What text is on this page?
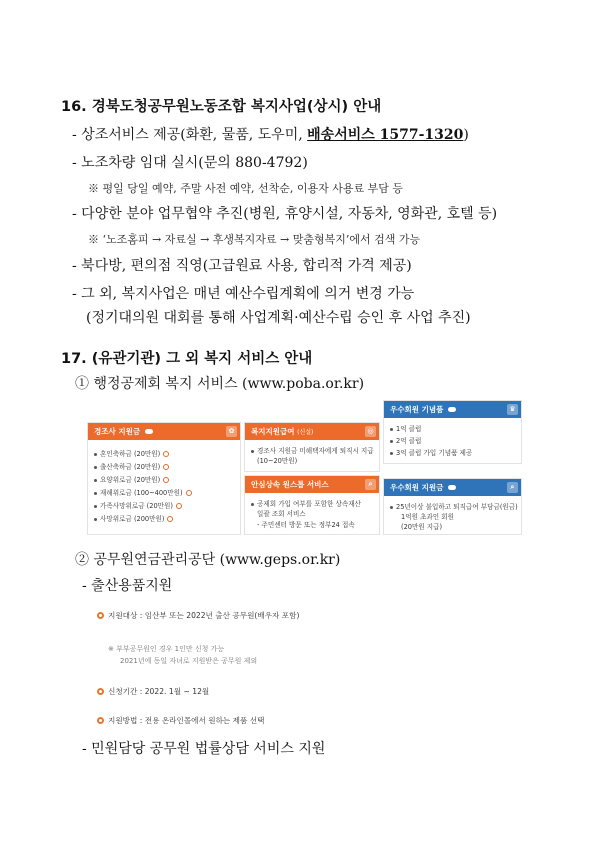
16. 경북도청공무원노동조합 복지사업(상시) 안내
- 상조서비스 제공(화환, 물품, 도우미, 배송서비스 1577-1320)
- 노조차량 임대 실시(문의 880-4792)
※ 평일 당일 예약, 주말 사전 예약, 선착순, 이용자 사용료 부담 등
- 다양한 분야 업무협약 추진(병원, 휴양시설, 자동차, 영화관, 호텔 등)
※ ‘노조홈피 → 자료실 → 후생복지자료 → 맞춤형복지’에서 검색 가능
- 북다방, 편의점 직영(고급원료 사용, 합리적 가격 제공)
- 그 외, 복지사업은 매년 예산수립계획에 의거 변경 가능
(정기대의원 대회를 통해 사업계획·예산수립 승인 후 사업 추진)
17. (유관기관) 그 외 복지 서비스 안내
① 행정공제회 복지 서비스 (www.poba.or.kr)
경조사 지원금	✿
혼인축하금 (20만원)
출산축하금 (20만원)
요양위로금 (20만원)
재해위로금 (100~400만원)
가족사망위로금 (20만원)
사망위로금 (200만원)
복지지원급여
(신설)	◎
경조사 지원금 미해택자에게 퇴직시 지급
(10~20만원)
안심상속 원스톱 서비스	⌕
공제회 가입 여부를 포함한 상속재산
일괄 조회 서비스
- 주민센터 방문 또는 정부24 접속
우수회원 기념품	♛
1억 클럽
2억 클럽
3억 클럽 가입 기념품 제공
우수회원 지원금	⌕
25년이상 불입하고 퇴직급여 부담금(원금)
1억원 초과인 회원
(20만원 지급)
② 공무원연금관리공단 (www.geps.or.kr)
- 출산용품지원
지원대상 : 임산부 또는 2022년 출산 공무원(배우자 포함)
※ 부부공무원인 경우 1인만 신청 가능
2021년에 동일 자녀로 지원받은 공무원 제외
신청기간 : 2022. 1월 ~ 12월
지원방법 : 전용 온라인몰에서 원하는 제품 선택
- 민원담당 공무원 법률상담 서비스 지원
